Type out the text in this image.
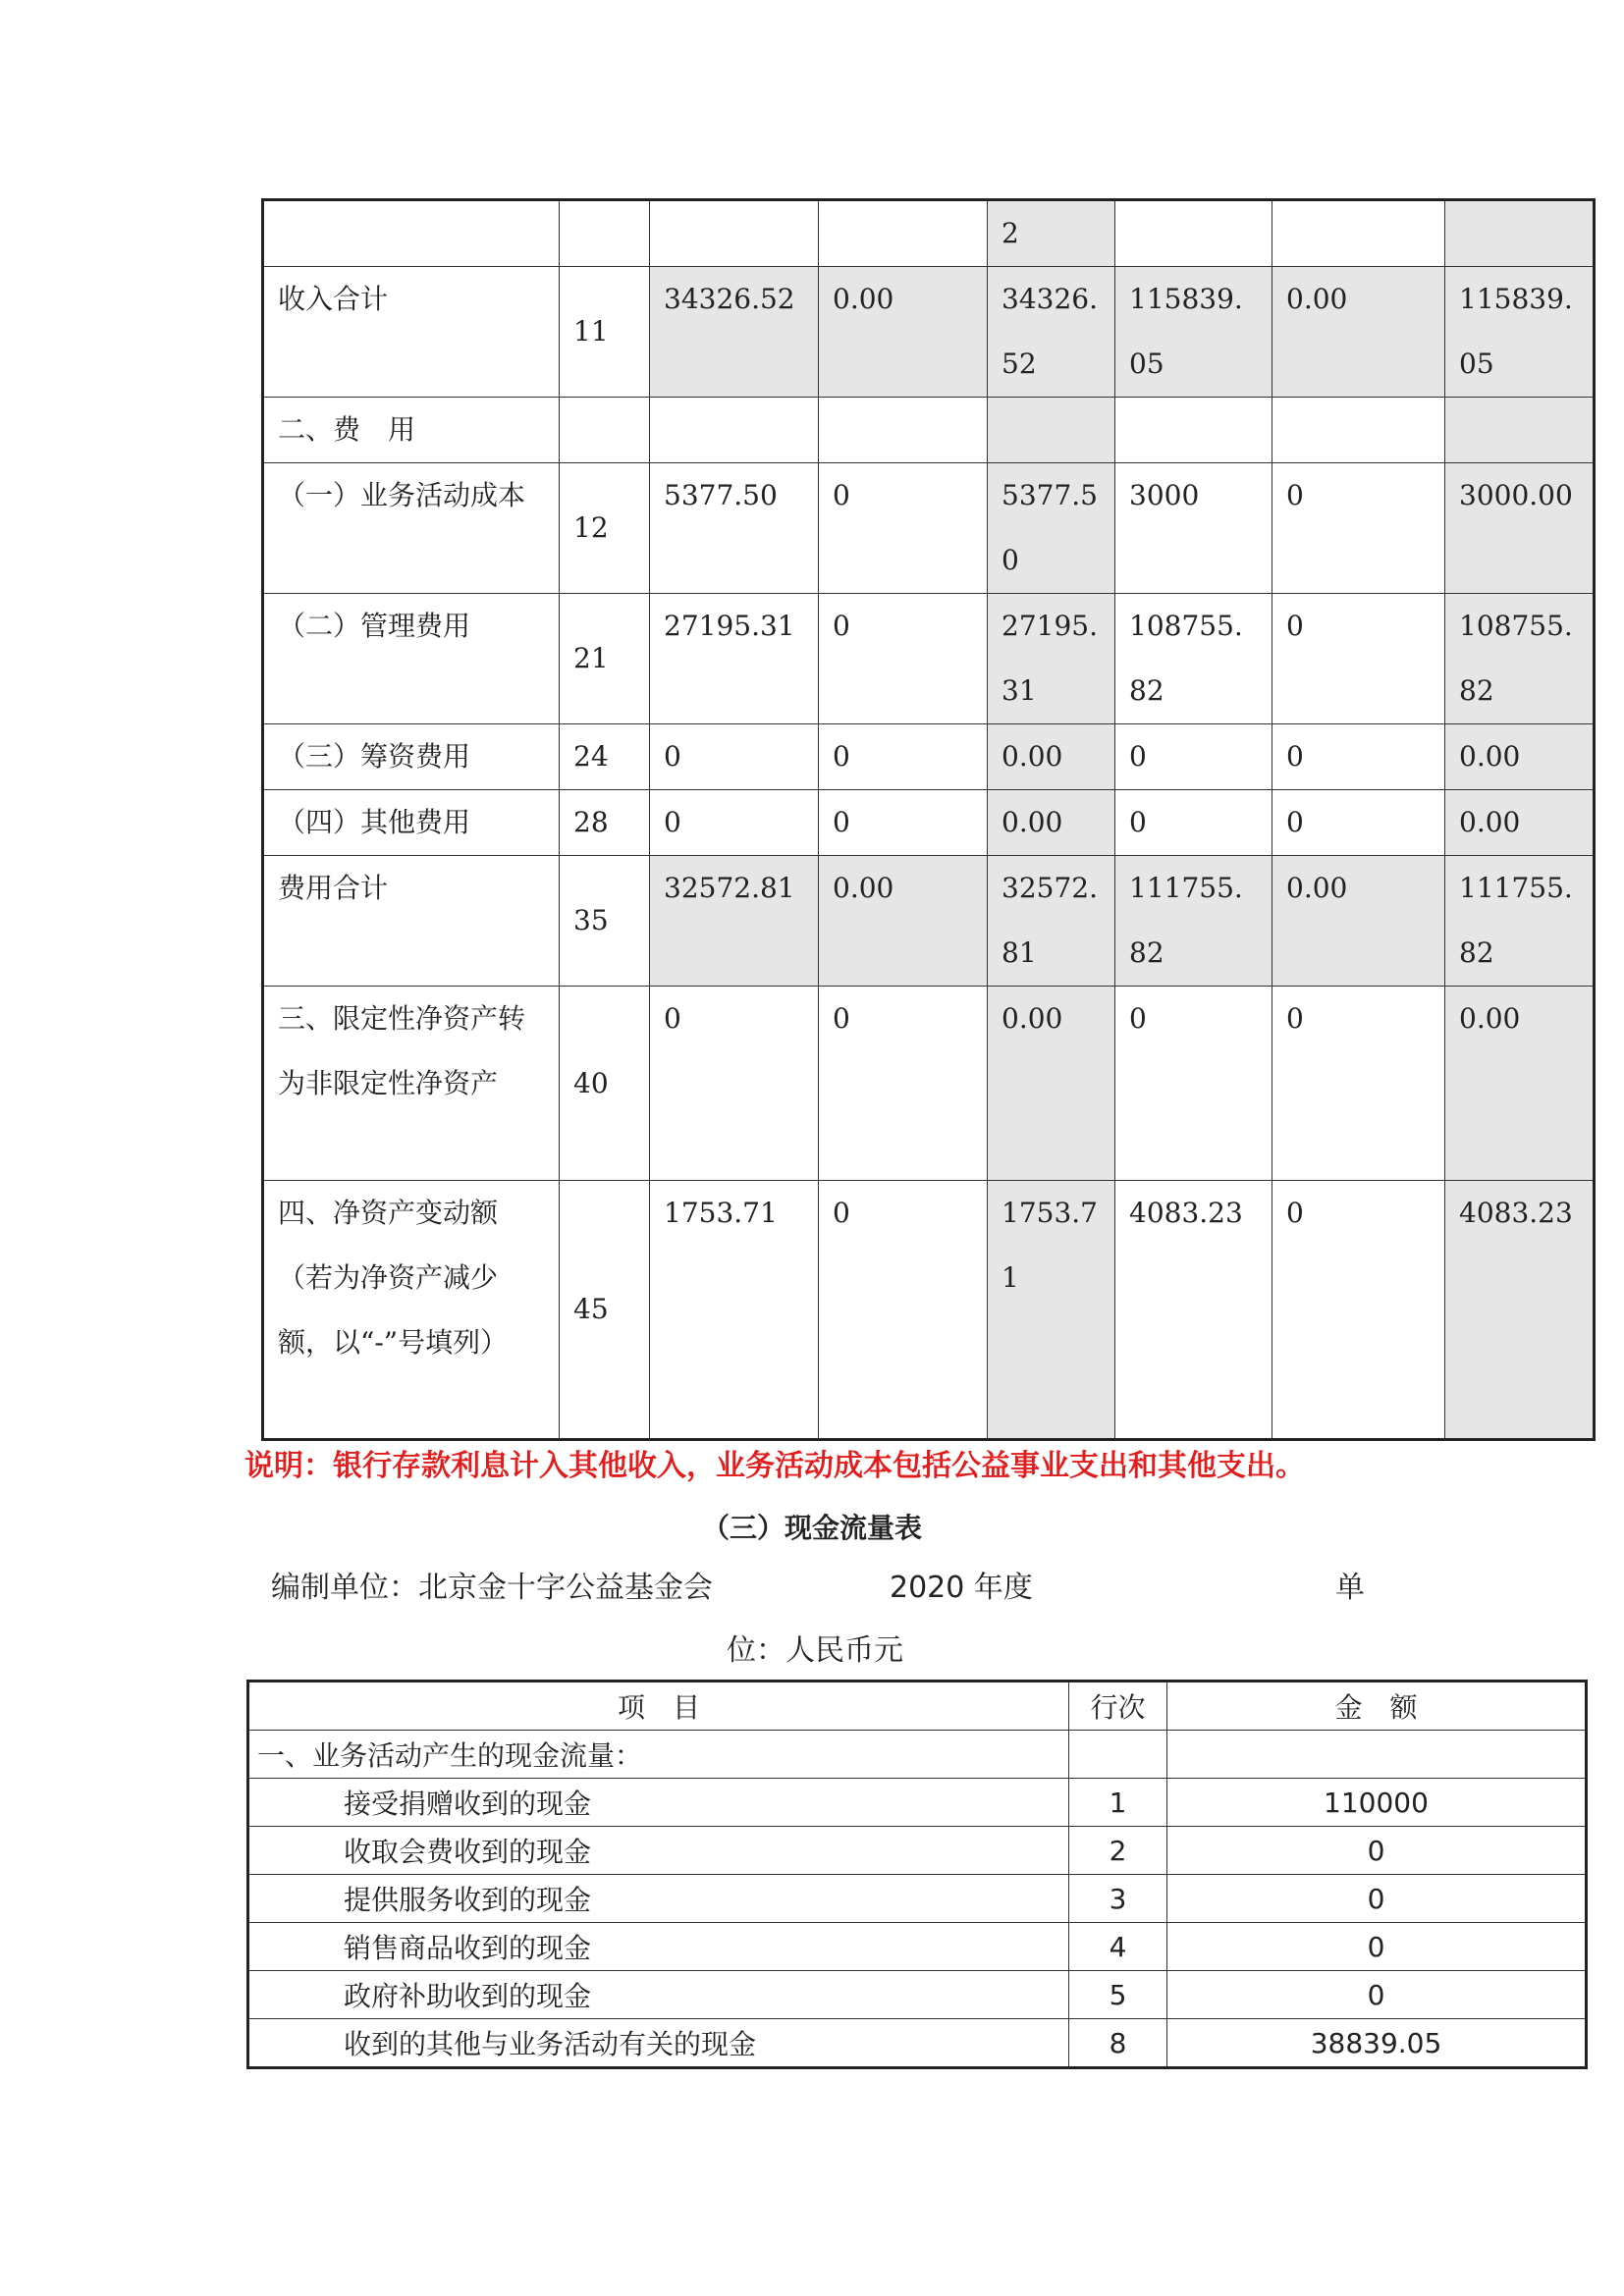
				2			
收入合计	11	34326.52	0.00	34326.52	115839.05	0.00	115839.05
二、费　用							
（一）业务活动成本	12	5377.50	0	5377.50	3000	0	3000.00
（二）管理费用	21	27195.31	0	27195.31	108755.82	0	108755.82
（三）筹资费用	24	0	0	0.00	0	0	0.00
（四）其他费用	28	0	0	0.00	0	0	0.00
费用合计	35	32572.81	0.00	32572.81	111755.82	0.00	111755.82
三、限定性净资产转为非限定性净资产	40	0	0	0.00	0	0	0.00
四、净资产变动额（若为净资产减少额，以“-”号填列）	45	1753.71	0	1753.71	4083.23	0	4083.23
说明：银行存款利息计入其他收入，业务活动成本包括公益事业支出和其他支出。
（三）现金流量表
编制单位：北京金十字公益基金会	2020 年度	单
位：人民币元
项　目	行次	金　额
一、业务活动产生的现金流量：		
接受捐赠收到的现金	1	110000
收取会费收到的现金	2	0
提供服务收到的现金	3	0
销售商品收到的现金	4	0
政府补助收到的现金	5	0
收到的其他与业务活动有关的现金	8	38839.05
